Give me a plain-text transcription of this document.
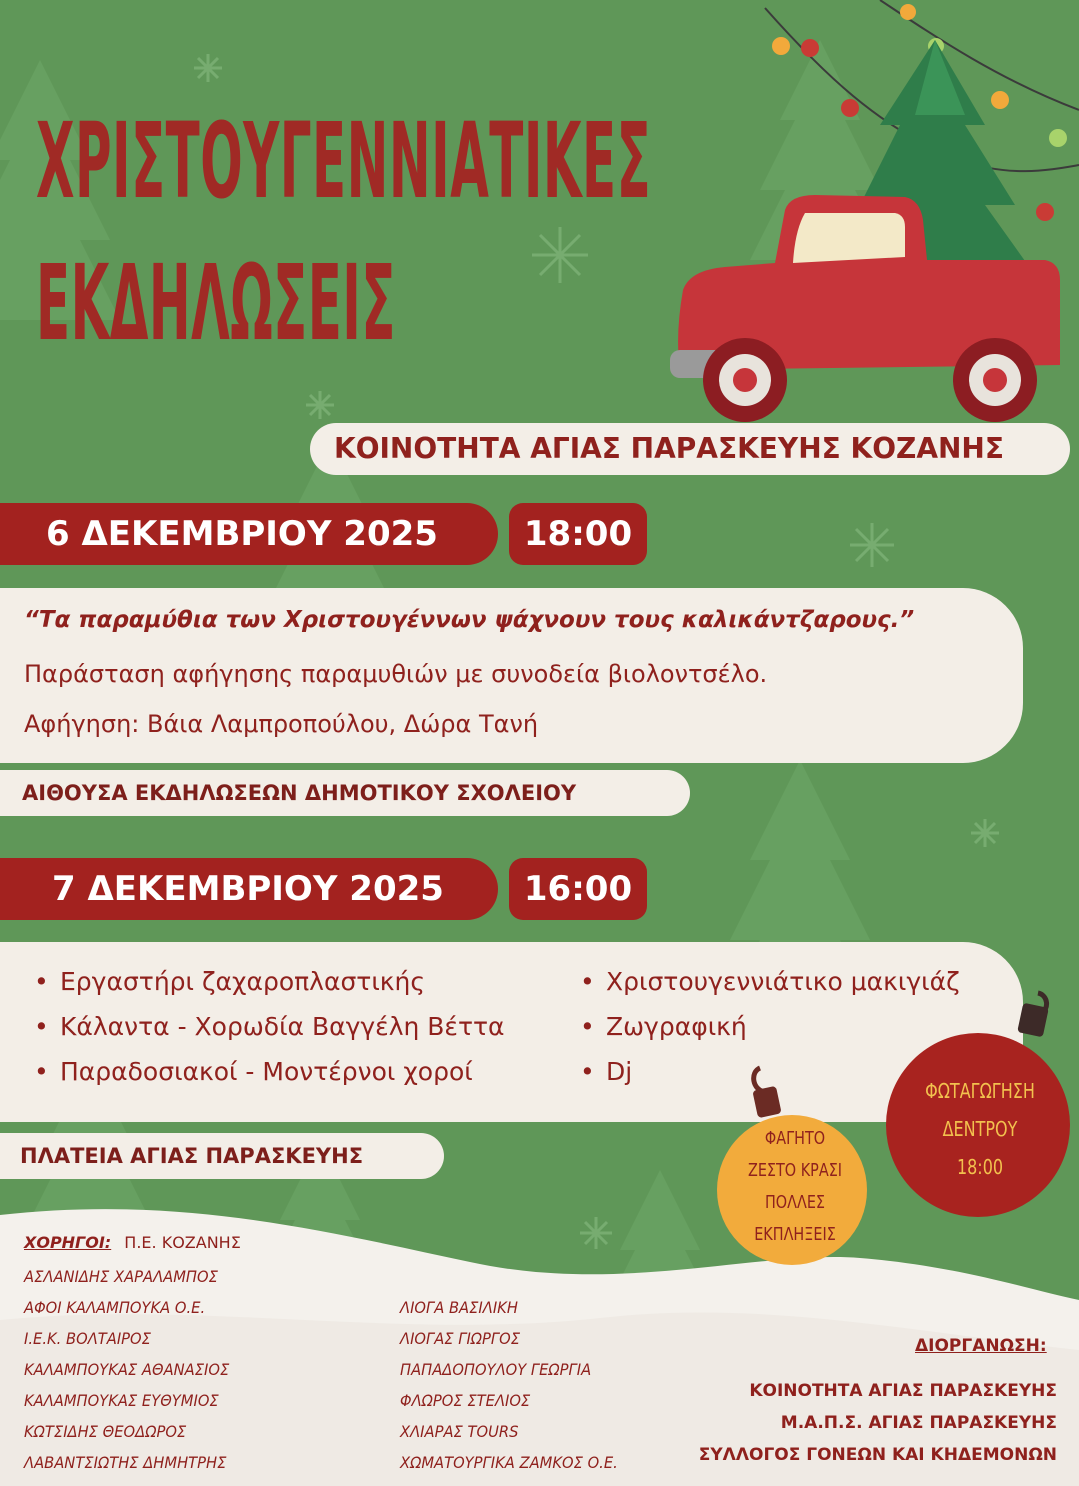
ΧΡΙΣΤΟΥΓΕΝΝΙΑΤΙΚΕΣ
ΕΚΔΗΛΩΣΕΙΣ
ΚΟΙΝΟΤΗΤΑ ΑΓΙΑΣ ΠΑΡΑΣΚΕΥΗΣ ΚΟΖΑΝΗΣ
6 ΔΕΚΕΜΒΡΙΟΥ 2025	18:00
“Τα παραμύθια των Χριστουγέννων ψάχνουν τους καλικάντζαρους.”
Παράσταση αφήγησης παραμυθιών με συνοδεία βιολοντσέλο.
Αφήγηση: Βάια Λαμπροπούλου, Δώρα Τανή
ΑΙΘΟΥΣΑ ΕΚΔΗΛΩΣΕΩΝ ΔΗΜΟΤΙΚΟΥ ΣΧΟΛΕΙΟΥ
7 ΔΕΚΕΜΒΡΙΟΥ 2025	16:00
• Εργαστήρι ζαχαροπλαστικής
• Κάλαντα - Χορωδία Βαγγέλη Βέττα
• Παραδοσιακοί - Μοντέρνοι χοροί
• Χριστουγεννιάτικο μακιγιάζ
• Ζωγραφική
• Dj
ΠΛΑΤΕΙΑ ΑΓΙΑΣ ΠΑΡΑΣΚΕΥΗΣ
ΦΑΓΗΤΟ
ΖΕΣΤΟ ΚΡΑΣΙ
ΠΟΛΛΕΣ
ΕΚΠΛΗΞΕΙΣ
ΦΩΤΑΓΩΓΗΣΗ
ΔΕΝΤΡΟΥ
18:00
ΧΟΡΗΓΟΙ: Π.Ε. ΚΟΖΑΝΗΣ
ΑΣΛΑΝΙΔΗΣ ΧΑΡΑΛΑΜΠΟΣ
ΑΦΟΙ ΚΑΛΑΜΠΟΥΚΑ Ο.Ε.
Ι.Ε.Κ. ΒΟΛΤΑΙΡΟΣ
ΚΑΛΑΜΠΟΥΚΑΣ ΑΘΑΝΑΣΙΟΣ
ΚΑΛΑΜΠΟΥΚΑΣ ΕΥΘΥΜΙΟΣ
ΚΩΤΣΙΔΗΣ ΘΕΟΔΩΡΟΣ
ΛΑΒΑΝΤΣΙΩΤΗΣ ΔΗΜΗΤΡΗΣ
ΛΙΟΓΑ ΒΑΣΙΛΙΚΗ
ΛΙΟΓΑΣ ΓΙΩΡΓΟΣ
ΠΑΠΑΔΟΠΟΥΛΟΥ ΓΕΩΡΓΙΑ
ΦΛΩΡΟΣ ΣΤΕΛΙΟΣ
ΧΛΙΑΡΑΣ TOURS
ΧΩΜΑΤΟΥΡΓΙΚΑ ΖΑΜΚΟΣ Ο.Ε.
ΔΙΟΡΓΑΝΩΣΗ:
ΚΟΙΝΟΤΗΤΑ ΑΓΙΑΣ ΠΑΡΑΣΚΕΥΗΣ
Μ.Α.Π.Σ. ΑΓΙΑΣ ΠΑΡΑΣΚΕΥΗΣ
ΣΥΛΛΟΓΟΣ ΓΟΝΕΩΝ ΚΑΙ ΚΗΔΕΜΟΝΩΝ
